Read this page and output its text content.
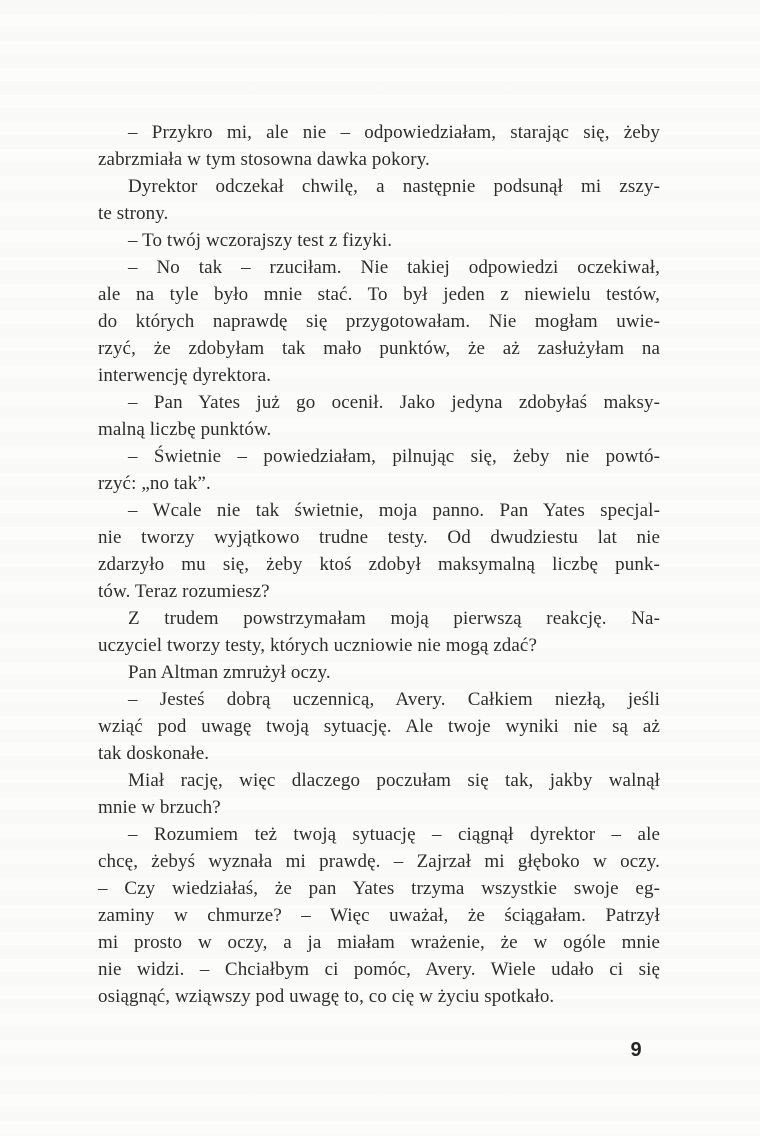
– Przykro mi, ale nie – odpowiedziałam, starając się, żeby
zabrzmiała w tym stosowna dawka pokory.
Dyrektor odczekał chwilę, a następnie podsunął mi zszy-
te strony.
– To twój wczorajszy test z fizyki.
– No tak – rzuciłam. Nie takiej odpowiedzi oczekiwał,
ale na tyle było mnie stać. To był jeden z niewielu testów,
do których naprawdę się przygotowałam. Nie mogłam uwie-
rzyć, że zdobyłam tak mało punktów, że aż zasłużyłam na
interwencję dyrektora.
– Pan Yates już go ocenił. Jako jedyna zdobyłaś maksy-
malną liczbę punktów.
– Świetnie – powiedziałam, pilnując się, żeby nie powtó-
rzyć: „no tak”.
– Wcale nie tak świetnie, moja panno. Pan Yates specjal-
nie tworzy wyjątkowo trudne testy. Od dwudziestu lat nie
zdarzyło mu się, żeby ktoś zdobył maksymalną liczbę punk-
tów. Teraz rozumiesz?
Z trudem powstrzymałam moją pierwszą reakcję. Na-
uczyciel tworzy testy, których uczniowie nie mogą zdać?
Pan Altman zmrużył oczy.
– Jesteś dobrą uczennicą, Avery. Całkiem niezłą, jeśli
wziąć pod uwagę twoją sytuację. Ale twoje wyniki nie są aż
tak doskonałe.
Miał rację, więc dlaczego poczułam się tak, jakby walnął
mnie w brzuch?
– Rozumiem też twoją sytuację – ciągnął dyrektor – ale
chcę, żebyś wyznała mi prawdę. – Zajrzał mi głęboko w oczy.
– Czy wiedziałaś, że pan Yates trzyma wszystkie swoje eg-
zaminy w chmurze? – Więc uważał, że ściągałam. Patrzył
mi prosto w oczy, a ja miałam wrażenie, że w ogóle mnie
nie widzi. – Chciałbym ci pomóc, Avery. Wiele udało ci się
osiągnąć, wziąwszy pod uwagę to, co cię w życiu spotkało.
9
